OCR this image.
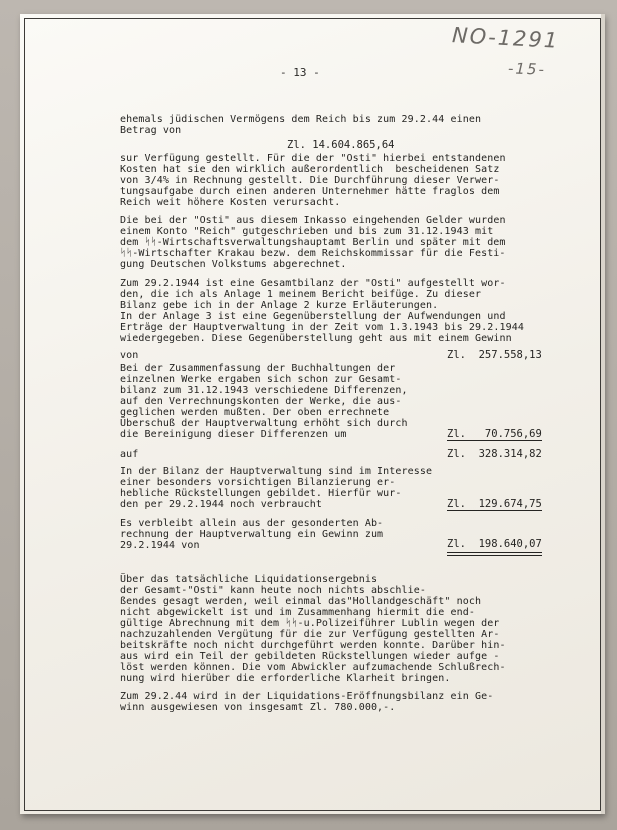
NO-1291
-15-
- 13 -
ehemals jüdischen Vermögens dem Reich bis zum 29.2.44 einen
Betrag von
Zl. 14.604.865,64
sur Verfügung gestellt. Für die der "Osti" hierbei entstandenen
Kosten hat sie den wirklich außerordentlich  bescheidenen Satz
von 3/4% in Rechnung gestellt. Die Durchführung dieser Verwer-
tungsaufgabe durch einen anderen Unternehmer hätte fraglos dem
Reich weit höhere Kosten verursacht.
Die bei der "Osti" aus diesem Inkasso eingehenden Gelder wurden
einem Konto "Reich" gutgeschrieben und bis zum 31.12.1943 mit
dem ᛋᛋ-Wirtschaftsverwaltungshauptamt Berlin und später mit dem
ᛋᛋ-Wirtschafter Krakau bezw. dem Reichskommissar für die Festi-
gung Deutschen Volkstums abgerechnet.
Zum 29.2.1944 ist eine Gesamtbilanz der "Osti" aufgestellt wor-
den, die ich als Anlage 1 meinem Bericht beifüge. Zu dieser
Bilanz gebe ich in der Anlage 2 kurze Erläuterungen.
In der Anlage 3 ist eine Gegenüberstellung der Aufwendungen und
Erträge der Hauptverwaltung in der Zeit vom 1.3.1943 bis 29.2.1944
wiedergegeben. Diese Gegenüberstellung geht aus mit einem Gewinn
von	Zl.  257.558,13
Bei der Zusammenfassung der Buchhaltungen der
einzelnen Werke ergaben sich schon zur Gesamt-
bilanz zum 31.12.1943 verschiedene Differenzen,
auf den Verrechnungskonten der Werke, die aus-
geglichen werden mußten. Der oben errechnete
Überschuß der Hauptverwaltung erhöht sich durch
die Bereinigung dieser Differenzen um	Zl.   70.756,69
auf	Zl.  328.314,82
In der Bilanz der Hauptverwaltung sind im Interesse
einer besonders vorsichtigen Bilanzierung er-
hebliche Rückstellungen gebildet. Hierfür wur-
den per 29.2.1944 noch verbraucht	Zl.  129.674,75
Es verbleibt allein aus der gesonderten Ab-
rechnung der Hauptverwaltung ein Gewinn zum
29.2.1944 von	Zl.  198.640,07
Über das tatsächliche Liquidationsergebnis
der Gesamt-"Osti" kann heute noch nichts abschlie-
ßendes gesagt werden, weil einmal das"Hollandgeschäft" noch
nicht abgewickelt ist und im Zusammenhang hiermit die end-
gültige Abrechnung mit dem ᛋᛋ-u.Polizeiführer Lublin wegen der
nachzuzahlenden Vergütung für die zur Verfügung gestellten Ar-
beitskräfte noch nicht durchgeführt werden konnte. Darüber hin-
aus wird ein Teil der gebildeten Rückstellungen wieder aufge -
löst werden können. Die vom Abwickler aufzumachende Schlußrech-
nung wird hierüber die erforderliche Klarheit bringen.
Zum 29.2.44 wird in der Liquidations-Eröffnungsbilanz ein Ge-
winn ausgewiesen von insgesamt Zl. 780.000,-.
